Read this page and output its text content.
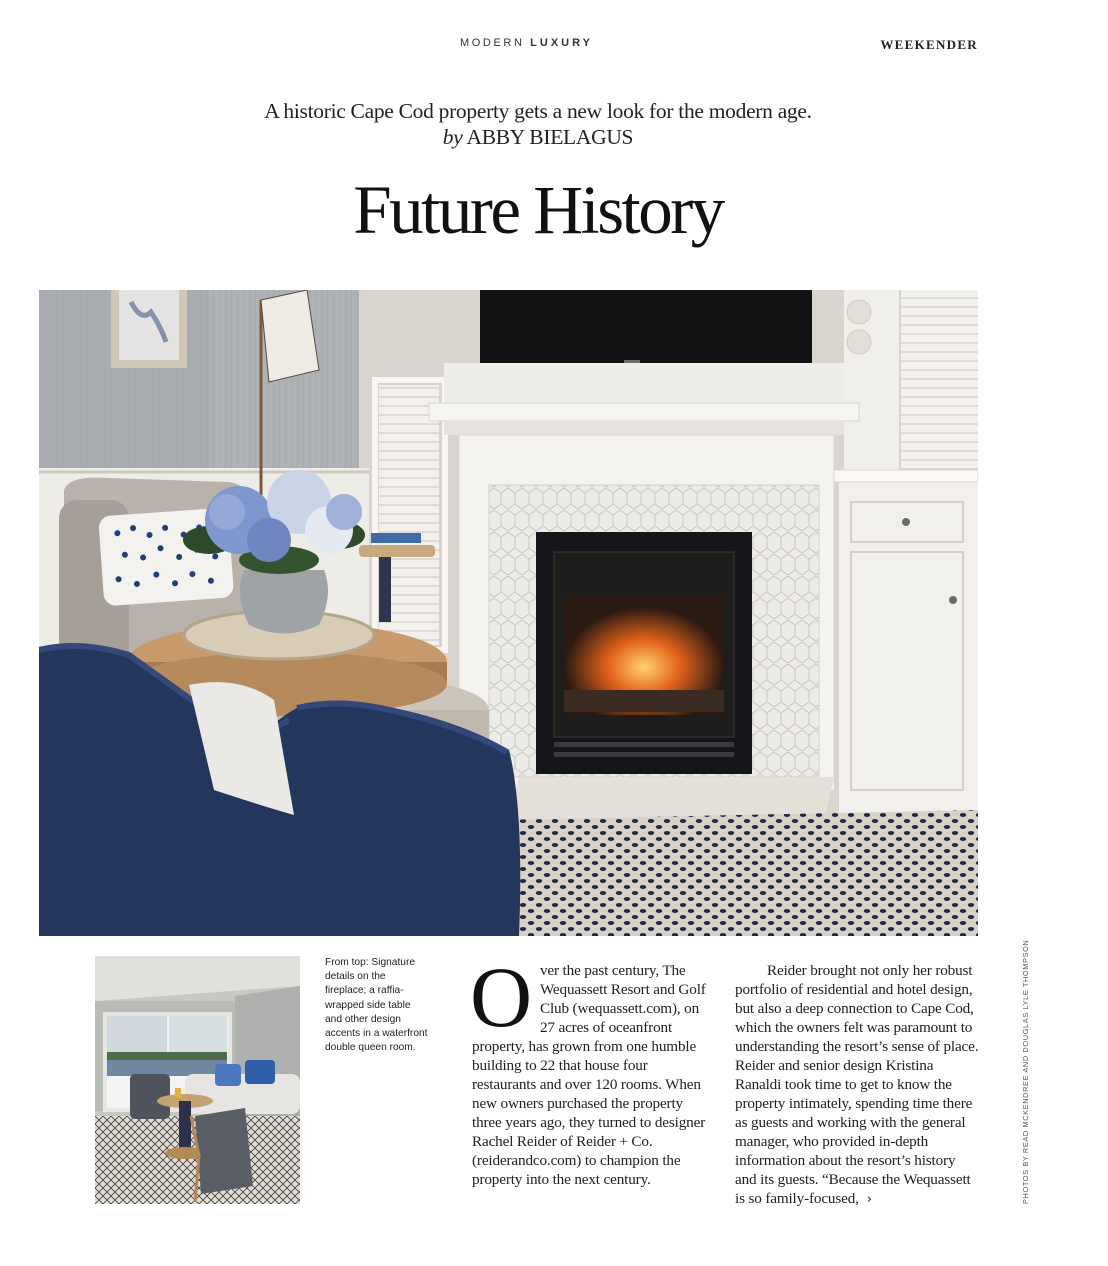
MODERN LUXURY	WEEKENDER
A historic Cape Cod property gets a new look for the modern age.
by ABBY BIELAGUS
Future History
From top: Signature details on the fireplace; a raffia-wrapped side table and other design accents in a waterfront double queen room.

Over the past century, The Wequassett Resort and Golf Club (wequassett.com), on 27 acres of oceanfront property, has grown from one humble building to 22 that house four restaurants and over 120 rooms. When new owners purchased the property three years ago, they turned to designer Rachel Reider of Reider + Co. (reiderandco.com) to champion the property into the next century.

Reider brought not only her robust portfolio of residential and hotel design, but also a deep connection to Cape Cod, which the owners felt was paramount to understanding the resort’s sense of place. Reider and senior design Kristina Ranaldi took time to get to know the property intimately, spending time there as guests and working with the general manager, who provided in-depth information about the resort’s history and its guests. “Because the Wequassett is so family-focused, ›	PHOTOS BY READ MCKENDREE AND DOUGLAS LYLE THOMPSON
